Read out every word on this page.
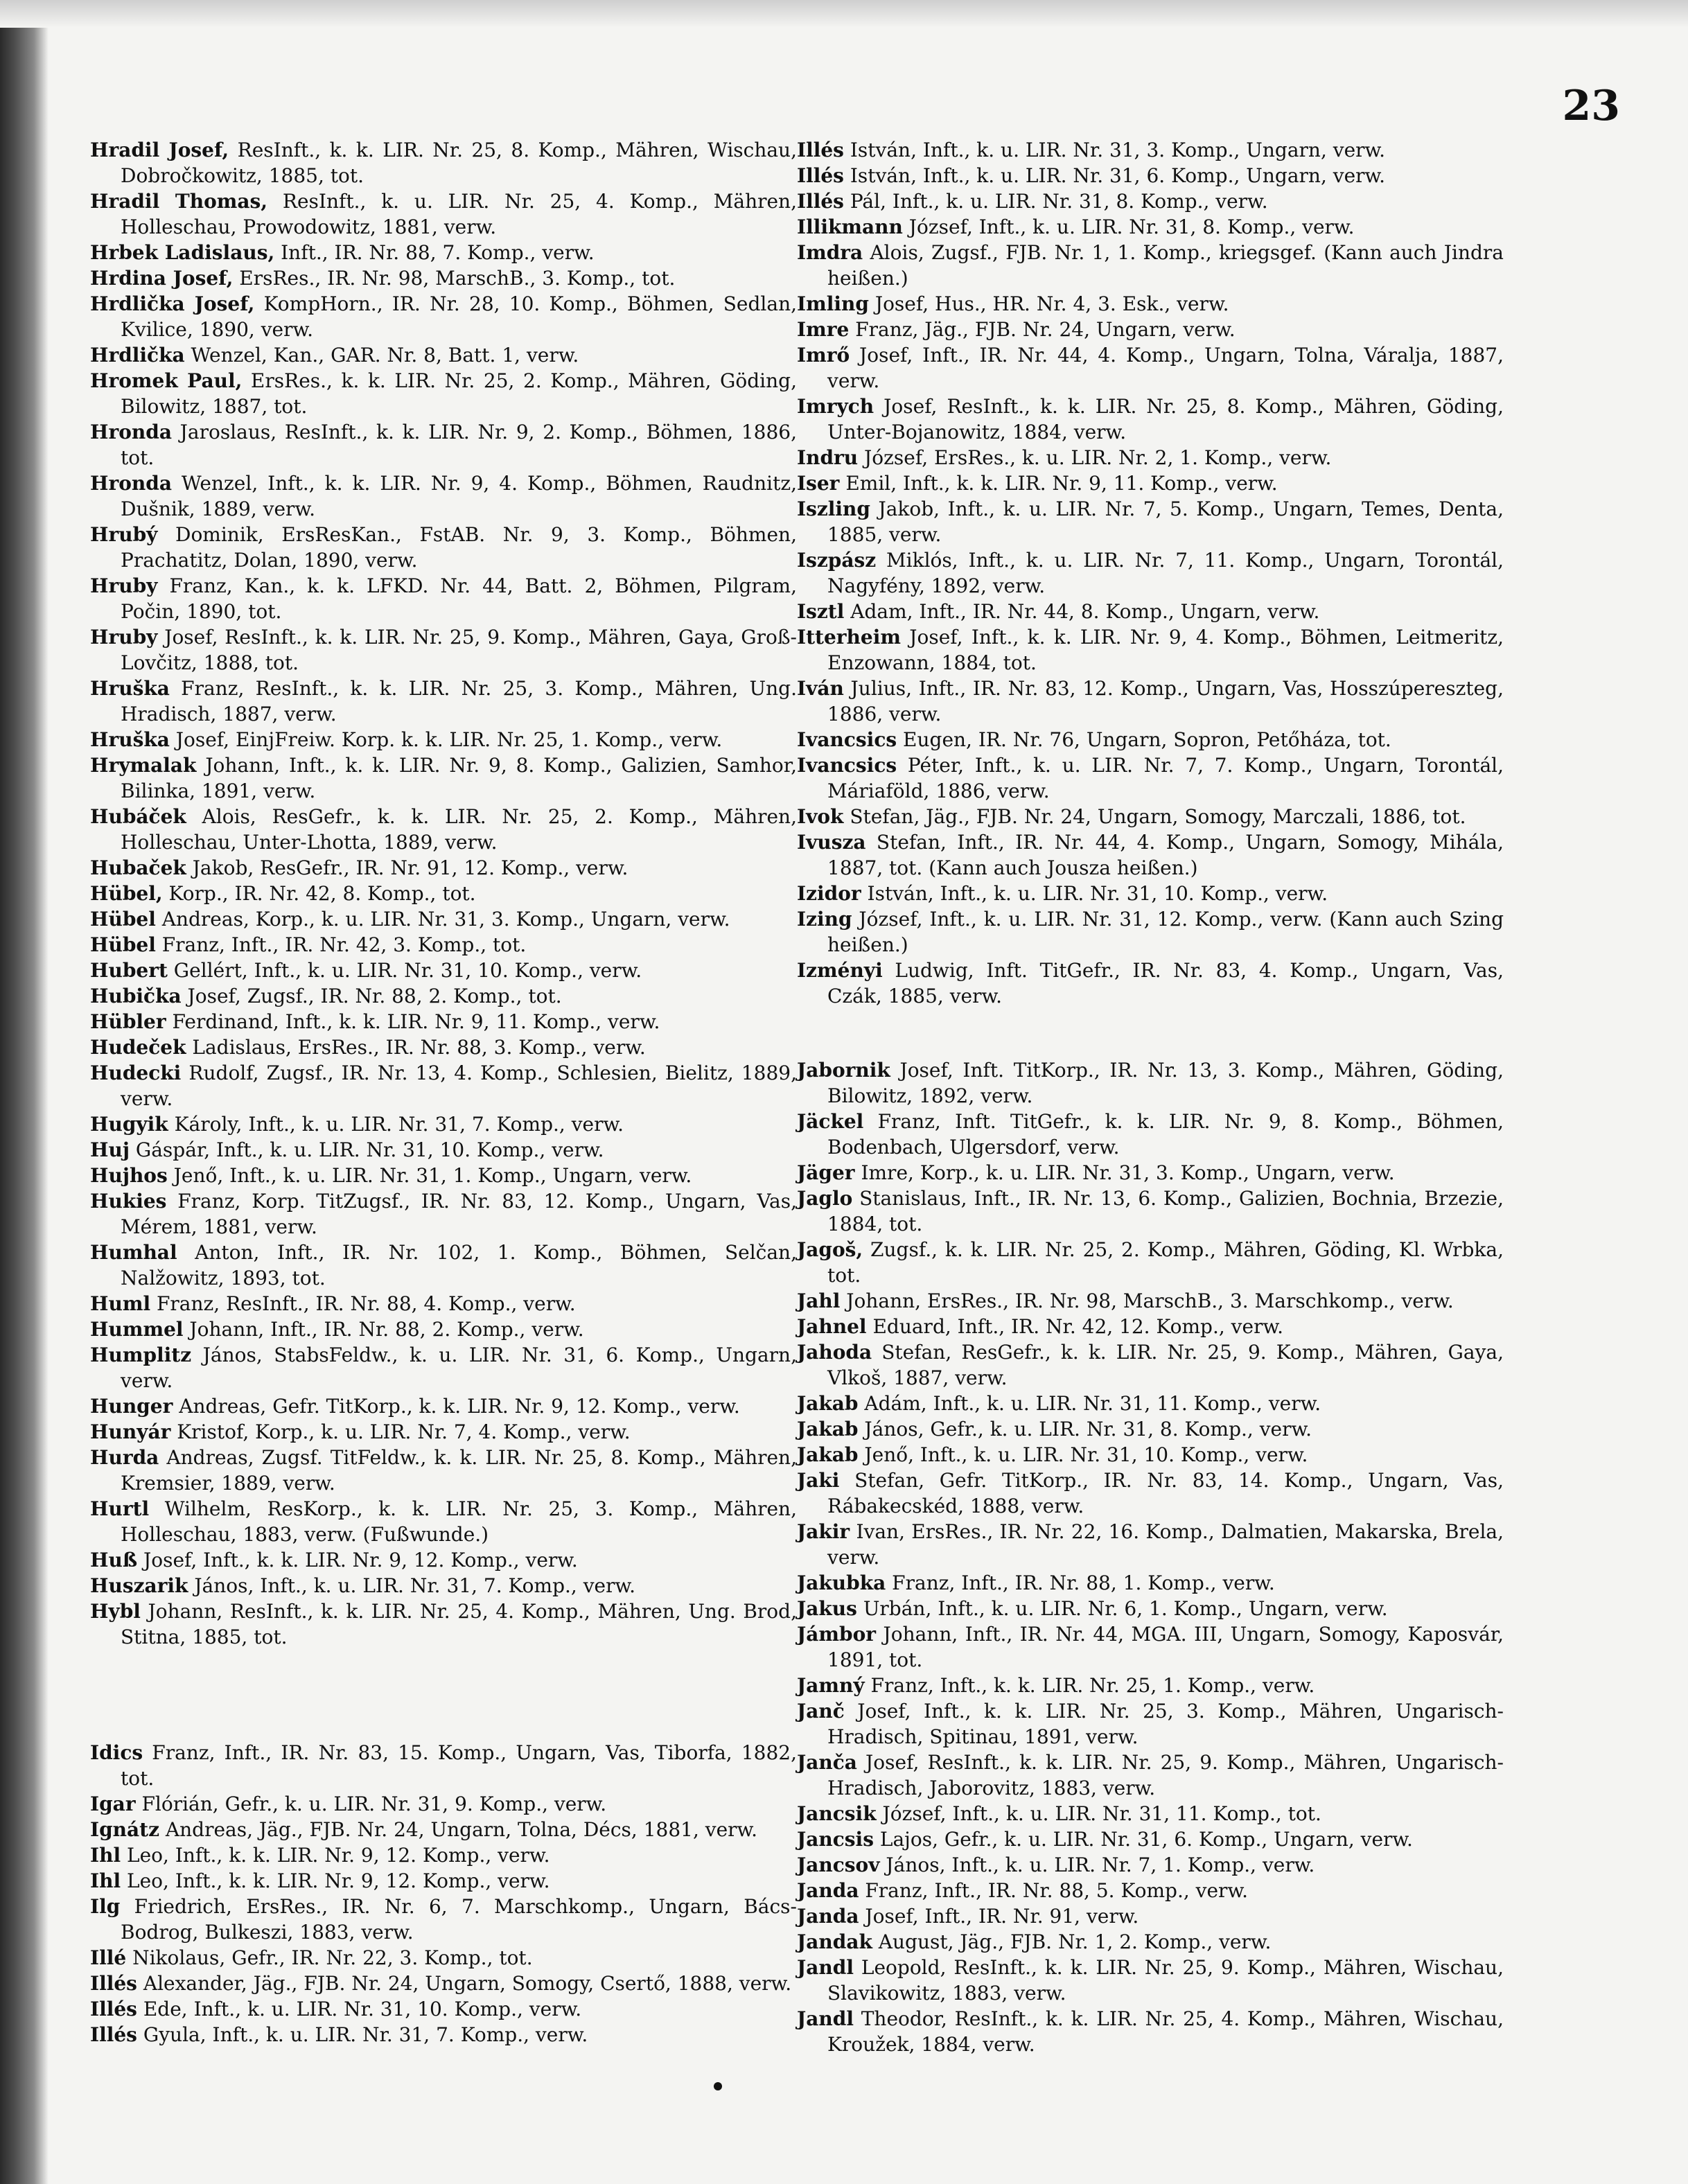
23

Hradil Josef, ResInft., k. k. LIR. Nr. 25, 8. Komp., Mähren, Wischau, Dobročkowitz, 1885, tot.

Hradil Thomas, ResInft., k. u. LIR. Nr. 25, 4. Komp., Mähren, Holleschau, Prowodowitz, 1881, verw.

Hrbek Ladislaus, Inft., IR. Nr. 88, 7. Komp., verw.

Hrdina Josef, ErsRes., IR. Nr. 98, MarschB., 3. Komp., tot.

Hrdlička Josef, KompHorn., IR. Nr. 28, 10. Komp., Böhmen, Sedlan, Kvilice, 1890, verw.

Hrdlička Wenzel, Kan., GAR. Nr. 8, Batt. 1, verw.

Hromek Paul, ErsRes., k. k. LIR. Nr. 25, 2. Komp., Mähren, Göding, Bilowitz, 1887, tot.

Hronda Jaroslaus, ResInft., k. k. LIR. Nr. 9, 2. Komp., Böhmen, 1886, tot.

Hronda Wenzel, Inft., k. k. LIR. Nr. 9, 4. Komp., Böhmen, Raudnitz, Dušnik, 1889, verw.

Hrubý Dominik, ErsResKan., FstAB. Nr. 9, 3. Komp., Böhmen, Prachatitz, Dolan, 1890, verw.

Hruby Franz, Kan., k. k. LFKD. Nr. 44, Batt. 2, Böhmen, Pilgram, Počin, 1890, tot.

Hruby Josef, ResInft., k. k. LIR. Nr. 25, 9. Komp., Mähren, Gaya, Groß-Lovčitz, 1888, tot.

Hruška Franz, ResInft., k. k. LIR. Nr. 25, 3. Komp., Mähren, Ung. Hradisch, 1887, verw.

Hruška Josef, EinjFreiw. Korp. k. k. LIR. Nr. 25, 1. Komp., verw.

Hrymalak Johann, Inft., k. k. LIR. Nr. 9, 8. Komp., Galizien, Samhor, Bilinka, 1891, verw.

Hubáček Alois, ResGefr., k. k. LIR. Nr. 25, 2. Komp., Mähren, Holleschau, Unter-Lhotta, 1889, verw.

Hubaček Jakob, ResGefr., IR. Nr. 91, 12. Komp., verw.

Hübel, Korp., IR. Nr. 42, 8. Komp., tot.

Hübel Andreas, Korp., k. u. LIR. Nr. 31, 3. Komp., Ungarn, verw.

Hübel Franz, Inft., IR. Nr. 42, 3. Komp., tot.

Hubert Gellért, Inft., k. u. LIR. Nr. 31, 10. Komp., verw.

Hubička Josef, Zugsf., IR. Nr. 88, 2. Komp., tot.

Hübler Ferdinand, Inft., k. k. LIR. Nr. 9, 11. Komp., verw.

Hudeček Ladislaus, ErsRes., IR. Nr. 88, 3. Komp., verw.

Hudecki Rudolf, Zugsf., IR. Nr. 13, 4. Komp., Schlesien, Bielitz, 1889, verw.

Hugyik Károly, Inft., k. u. LIR. Nr. 31, 7. Komp., verw.

Huj Gáspár, Inft., k. u. LIR. Nr. 31, 10. Komp., verw.

Hujhos Jenő, Inft., k. u. LIR. Nr. 31, 1. Komp., Ungarn, verw.

Hukies Franz, Korp. TitZugsf., IR. Nr. 83, 12. Komp., Ungarn, Vas, Mérem, 1881, verw.

Humhal Anton, Inft., IR. Nr. 102, 1. Komp., Böhmen, Selčan, Nalžowitz, 1893, tot.

Huml Franz, ResInft., IR. Nr. 88, 4. Komp., verw.

Hummel Johann, Inft., IR. Nr. 88, 2. Komp., verw.

Humplitz János, StabsFeldw., k. u. LIR. Nr. 31, 6. Komp., Ungarn, verw.

Hunger Andreas, Gefr. TitKorp., k. k. LIR. Nr. 9, 12. Komp., verw.

Hunyár Kristof, Korp., k. u. LIR. Nr. 7, 4. Komp., verw.

Hurda Andreas, Zugsf. TitFeldw., k. k. LIR. Nr. 25, 8. Komp., Mähren, Kremsier, 1889, verw.

Hurtl Wilhelm, ResKorp., k. k. LIR. Nr. 25, 3. Komp., Mähren, Holleschau, 1883, verw. (Fußwunde.)

Huß Josef, Inft., k. k. LIR. Nr. 9, 12. Komp., verw.

Huszarik János, Inft., k. u. LIR. Nr. 31, 7. Komp., verw.

Hybl Johann, ResInft., k. k. LIR. Nr. 25, 4. Komp., Mähren, Ung. Brod, Stitna, 1885, tot.

Idics Franz, Inft., IR. Nr. 83, 15. Komp., Ungarn, Vas, Tiborfa, 1882, tot.

Igar Flórián, Gefr., k. u. LIR. Nr. 31, 9. Komp., verw.

Ignátz Andreas, Jäg., FJB. Nr. 24, Ungarn, Tolna, Décs, 1881, verw.

Ihl Leo, Inft., k. k. LIR. Nr. 9, 12. Komp., verw.

Ihl Leo, Inft., k. k. LIR. Nr. 9, 12. Komp., verw.

Ilg Friedrich, ErsRes., IR. Nr. 6, 7. Marschkomp., Ungarn, Bács-Bodrog, Bulkeszi, 1883, verw.

Illé Nikolaus, Gefr., IR. Nr. 22, 3. Komp., tot.

Illés Alexander, Jäg., FJB. Nr. 24, Ungarn, Somogy, Csertő, 1888, verw.

Illés Ede, Inft., k. u. LIR. Nr. 31, 10. Komp., verw.

Illés Gyula, Inft., k. u. LIR. Nr. 31, 7. Komp., verw.

Illés István, Inft., k. u. LIR. Nr. 31, 3. Komp., Ungarn, verw.

Illés István, Inft., k. u. LIR. Nr. 31, 6. Komp., Ungarn, verw.

Illés Pál, Inft., k. u. LIR. Nr. 31, 8. Komp., verw.

Illikmann József, Inft., k. u. LIR. Nr. 31, 8. Komp., verw.

Imdra Alois, Zugsf., FJB. Nr. 1, 1. Komp., kriegsgef. (Kann auch Jindra heißen.)

Imling Josef, Hus., HR. Nr. 4, 3. Esk., verw.

Imre Franz, Jäg., FJB. Nr. 24, Ungarn, verw.

Imrő Josef, Inft., IR. Nr. 44, 4. Komp., Ungarn, Tolna, Váralja, 1887, verw.

Imrych Josef, ResInft., k. k. LIR. Nr. 25, 8. Komp., Mähren, Göding, Unter-Bojanowitz, 1884, verw.

Indru József, ErsRes., k. u. LIR. Nr. 2, 1. Komp., verw.

Iser Emil, Inft., k. k. LIR. Nr. 9, 11. Komp., verw.

Iszling Jakob, Inft., k. u. LIR. Nr. 7, 5. Komp., Ungarn, Temes, Denta, 1885, verw.

Iszpász Miklós, Inft., k. u. LIR. Nr. 7, 11. Komp., Ungarn, Torontál, Nagyfény, 1892, verw.

Isztl Adam, Inft., IR. Nr. 44, 8. Komp., Ungarn, verw.

Itterheim Josef, Inft., k. k. LIR. Nr. 9, 4. Komp., Böhmen, Leitmeritz, Enzowann, 1884, tot.

Iván Julius, Inft., IR. Nr. 83, 12. Komp., Ungarn, Vas, Hosszúpereszteg, 1886, verw.

Ivancsics Eugen, IR. Nr. 76, Ungarn, Sopron, Petőháza, tot.

Ivancsics Péter, Inft., k. u. LIR. Nr. 7, 7. Komp., Ungarn, Torontál, Máriaföld, 1886, verw.

Ivok Stefan, Jäg., FJB. Nr. 24, Ungarn, Somogy, Marczali, 1886, tot.

Ivusza Stefan, Inft., IR. Nr. 44, 4. Komp., Ungarn, Somogy, Mihála, 1887, tot. (Kann auch Jousza heißen.)

Izidor István, Inft., k. u. LIR. Nr. 31, 10. Komp., verw.

Izing József, Inft., k. u. LIR. Nr. 31, 12. Komp., verw. (Kann auch Szing heißen.)

Izményi Ludwig, Inft. TitGefr., IR. Nr. 83, 4. Komp., Ungarn, Vas, Czák, 1885, verw.

Jabornik Josef, Inft. TitKorp., IR. Nr. 13, 3. Komp., Mähren, Göding, Bilowitz, 1892, verw.

Jäckel Franz, Inft. TitGefr., k. k. LIR. Nr. 9, 8. Komp., Böhmen, Bodenbach, Ulgersdorf, verw.

Jäger Imre, Korp., k. u. LIR. Nr. 31, 3. Komp., Ungarn, verw.

Jaglo Stanislaus, Inft., IR. Nr. 13, 6. Komp., Galizien, Bochnia, Brzezie, 1884, tot.

Jagoš, Zugsf., k. k. LIR. Nr. 25, 2. Komp., Mähren, Göding, Kl. Wrbka, tot.

Jahl Johann, ErsRes., IR. Nr. 98, MarschB., 3. Marschkomp., verw.

Jahnel Eduard, Inft., IR. Nr. 42, 12. Komp., verw.

Jahoda Stefan, ResGefr., k. k. LIR. Nr. 25, 9. Komp., Mähren, Gaya, Vlkoš, 1887, verw.

Jakab Adám, Inft., k. u. LIR. Nr. 31, 11. Komp., verw.

Jakab János, Gefr., k. u. LIR. Nr. 31, 8. Komp., verw.

Jakab Jenő, Inft., k. u. LIR. Nr. 31, 10. Komp., verw.

Jaki Stefan, Gefr. TitKorp., IR. Nr. 83, 14. Komp., Ungarn, Vas, Rábakecskéd, 1888, verw.

Jakir Ivan, ErsRes., IR. Nr. 22, 16. Komp., Dalmatien, Makarska, Brela, verw.

Jakubka Franz, Inft., IR. Nr. 88, 1. Komp., verw.

Jakus Urbán, Inft., k. u. LIR. Nr. 6, 1. Komp., Ungarn, verw.

Jámbor Johann, Inft., IR. Nr. 44, MGA. III, Ungarn, Somogy, Kaposvár, 1891, tot.

Jamný Franz, Inft., k. k. LIR. Nr. 25, 1. Komp., verw.

Janč Josef, Inft., k. k. LIR. Nr. 25, 3. Komp., Mähren, Ungarisch-Hradisch, Spitinau, 1891, verw.

Janča Josef, ResInft., k. k. LIR. Nr. 25, 9. Komp., Mähren, Ungarisch-Hradisch, Jaborovitz, 1883, verw.

Jancsik József, Inft., k. u. LIR. Nr. 31, 11. Komp., tot.

Jancsis Lajos, Gefr., k. u. LIR. Nr. 31, 6. Komp., Ungarn, verw.

Jancsov János, Inft., k. u. LIR. Nr. 7, 1. Komp., verw.

Janda Franz, Inft., IR. Nr. 88, 5. Komp., verw.

Janda Josef, Inft., IR. Nr. 91, verw.

Jandak August, Jäg., FJB. Nr. 1, 2. Komp., verw.

Jandl Leopold, ResInft., k. k. LIR. Nr. 25, 9. Komp., Mähren, Wischau, Slavikowitz, 1883, verw.

Jandl Theodor, ResInft., k. k. LIR. Nr. 25, 4. Komp., Mähren, Wischau, Kroužek, 1884, verw.
